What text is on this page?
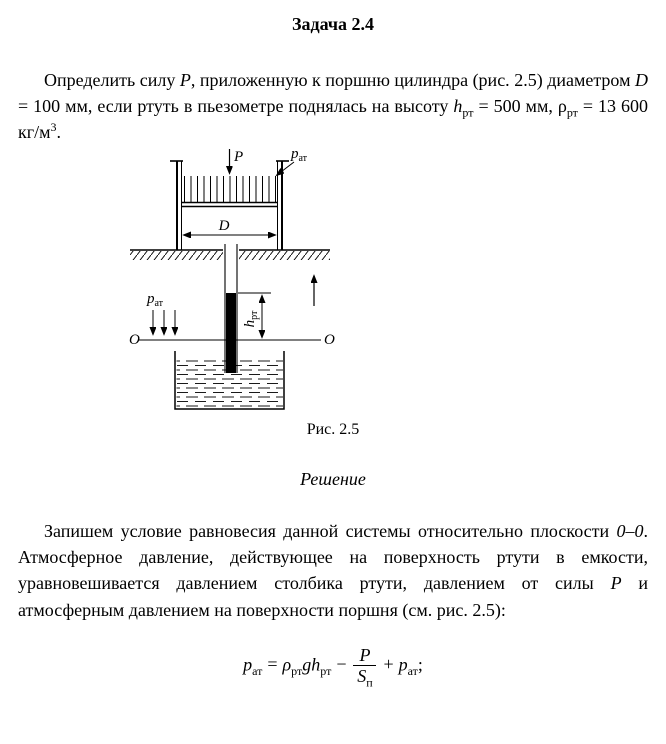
Задача 2.4

Определить силу P, приложенную к поршню цилиндра (рис. 2.5) диаметром D = 100 мм, если ртуть в пьезометре поднялась на высоту $h_{рт} = 500$ мм, $\rho_{рт} = 13$ 600 $кг/м^3$.

P	$p_{ат}$
D
O	O
$h_{рт}$
$p_{ат}$
Рис. 2.5
Решение

Запишем условие равновесия данной системы относительно плоскости 0–0. Атмосферное давление, действующее на поверхность ртути в емкости, уравновешивается давлением столбика ртути, давлением от силы P и атмосферным давлением на поверхности поршня (см. рис. 2.5):

$p_{ат} = \rho_{рт}gh_{рт} - \frac{P}{S_п} + p_{ат}$;
